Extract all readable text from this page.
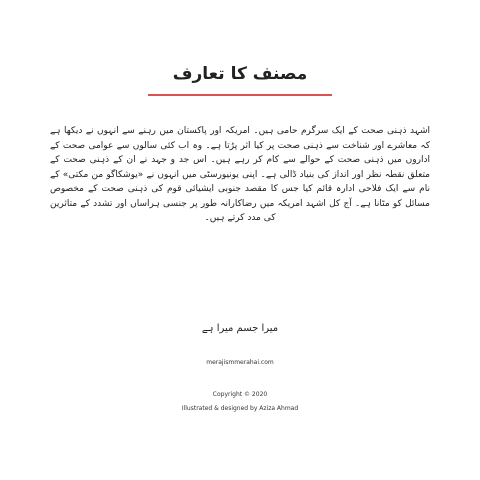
مصنف کا تعارف

اشہد ذہنی صحت کے ایک سرگرم حامی ہیں۔ امریکہ اور پاکستان میں رہنے سے انہوں نے دیکھا ہے کہ معاشرے اور شناخت سے ذہنی صحت پر کیا اثر پڑتا ہے۔ وہ اب کئی سالوں سے عوامی صحت کے اداروں میں ذہنی صحت کے حوالے سے کام کر رہے ہیں۔ اس جد و جہد نے ان کے ذہنی صحت کے متعلق نقطہ نظر اور انداز کی بنیاد ڈالی ہے۔ اپنی یونیورسٹی میں انہوں نے «یوشکاگو من مکتی» کے نام سے ایک فلاحی ادارہ قائم کیا جس کا مقصد جنوبی ایشیائی قوم کی ذہنی صحت کے مخصوص مسائل کو مٹانا ہے۔ آج کل اشہد امریکہ میں رضاکارانہ طور پر جنسی ہراساں اور تشدد کے متاثرین کی مدد کرتے ہیں۔

میرا جسم میرا ہے
merajismmerahai.com
Copyright © 2020
Illustrated & designed by Aziza Ahmad
